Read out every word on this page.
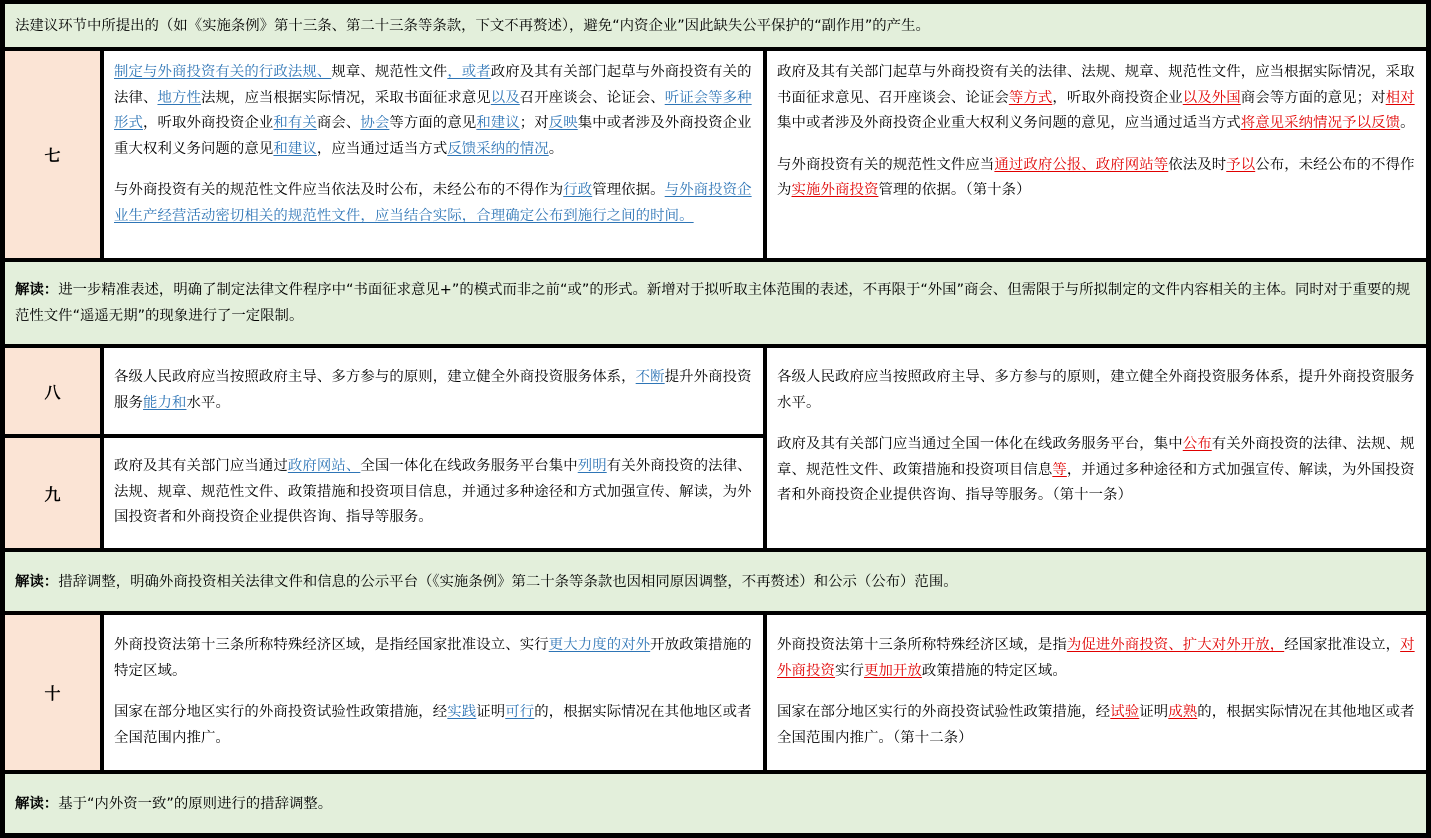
法建议环节中所提出的（如《实施条例》第十三条、第二十三条等条款，下文不再赘述），避免“内资企业”因此缺失公平保护的“副作用”的产生。
七

制定与外商投资有关的行政法规、规章、规范性文件，或者政府及其有关部门起草与外商投资有关的法律、地方性法规，应当根据实际情况，采取书面征求意见以及召开座谈会、论证会、听证会等多种形式，听取外商投资企业和有关商会、协会等方面的意见和建议；对反映集中或者涉及外商投资企业重大权利义务问题的意见和建议，应当通过适当方式反馈采纳的情况。

与外商投资有关的规范性文件应当依法及时公布，未经公布的不得作为行政管理依据。与外商投资企业生产经营活动密切相关的规范性文件，应当结合实际，合理确定公布到施行之间的时间。

政府及其有关部门起草与外商投资有关的法律、法规、规章、规范性文件，应当根据实际情况，采取书面征求意见、召开座谈会、论证会等方式，听取外商投资企业以及外国商会等方面的意见；对相对集中或者涉及外商投资企业重大权利义务问题的意见，应当通过适当方式将意见采纳情况予以反馈。

与外商投资有关的规范性文件应当通过政府公报、政府网站等依法及时予以公布，未经公布的不得作为实施外商投资管理的依据。（第十条）

解读：进一步精准表述，明确了制定法律文件程序中“书面征求意见+”的模式而非之前“或”的形式。新增对于拟听取主体范围的表述，不再限于“外国”商会、但需限于与所拟制定的文件内容相关的主体。同时对于重要的规范性文件“遥遥无期”的现象进行了一定限制。
八

各级人民政府应当按照政府主导、多方参与的原则，建立健全外商投资服务体系，不断提升外商投资服务能力和水平。

九

政府及其有关部门应当通过政府网站、全国一体化在线政务服务平台集中列明有关外商投资的法律、法规、规章、规范性文件、政策措施和投资项目信息，并通过多种途径和方式加强宣传、解读，为外国投资者和外商投资企业提供咨询、指导等服务。

各级人民政府应当按照政府主导、多方参与的原则，建立健全外商投资服务体系，提升外商投资服务水平。

政府及其有关部门应当通过全国一体化在线政务服务平台，集中公布有关外商投资的法律、法规、规章、规范性文件、政策措施和投资项目信息等，并通过多种途径和方式加强宣传、解读，为外国投资者和外商投资企业提供咨询、指导等服务。（第十一条）

解读：措辞调整，明确外商投资相关法律文件和信息的公示平台（《实施条例》第二十条等条款也因相同原因调整，不再赘述）和公示（公布）范围。
十

外商投资法第十三条所称特殊经济区域，是指经国家批准设立、实行更大力度的对外开放政策措施的特定区域。

国家在部分地区实行的外商投资试验性政策措施，经实践证明可行的，根据实际情况在其他地区或者全国范围内推广。

外商投资法第十三条所称特殊经济区域，是指为促进外商投资、扩大对外开放，经国家批准设立，对外商投资实行更加开放政策措施的特定区域。

国家在部分地区实行的外商投资试验性政策措施，经试验证明成熟的，根据实际情况在其他地区或者全国范围内推广。（第十二条）

解读：基于“内外资一致”的原则进行的措辞调整。
